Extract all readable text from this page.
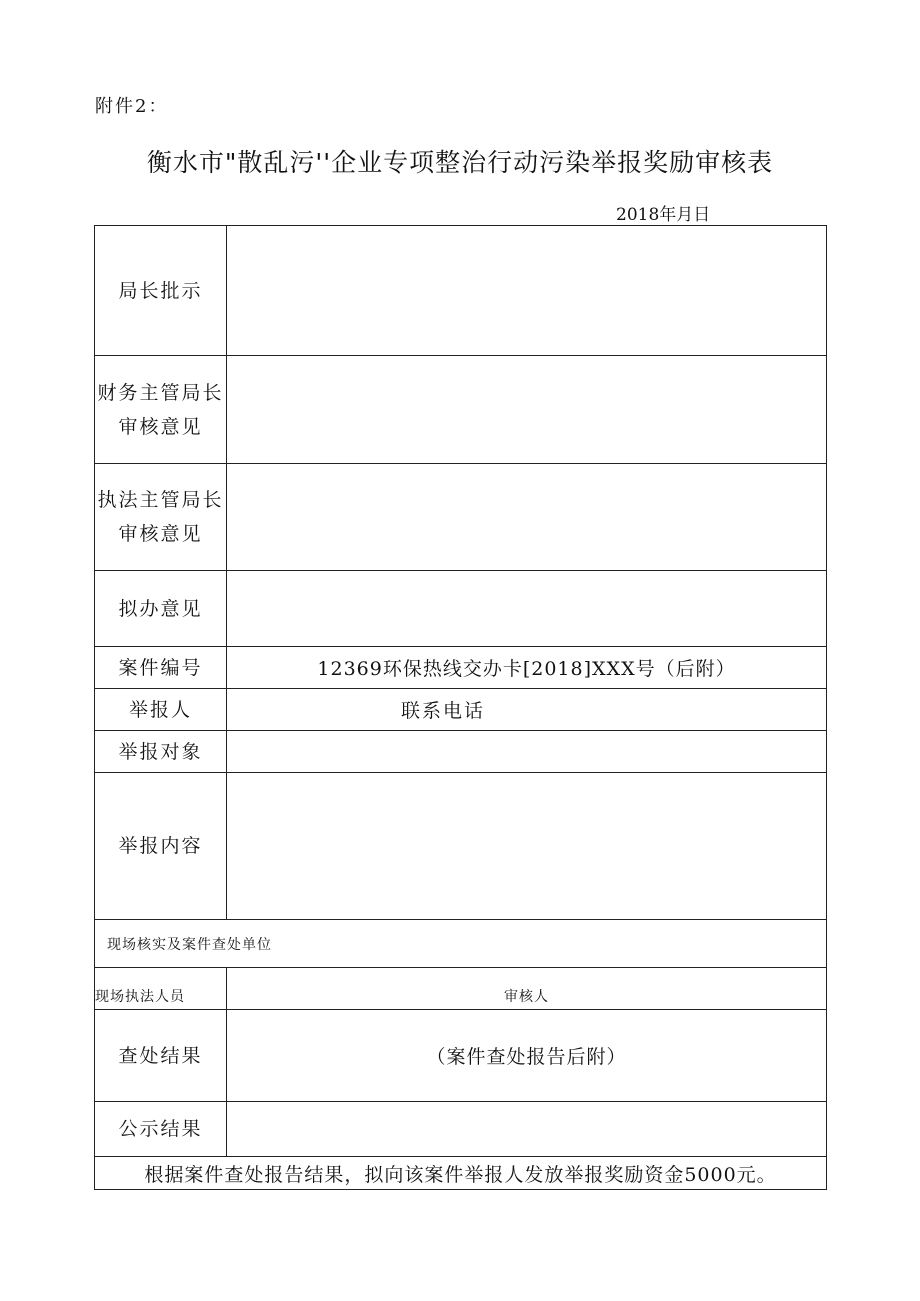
附件2：
衡水市"散乱污''企业专项整治行动污染举报奖励审核表
2018年月日
局长批示	

财务主管局长
审核意见	

执法主管局长
审核意见	

拟办意见	
案件编号	12369环保热线交办卡[2018]XXX号（后附）
举报人	联系电话
举报对象	
举报内容	
现场核实及案件查处单位	
现场执法人员	审核人
查处结果	（案件查处报告后附）
公示结果	
根据案件查处报告结果，拟向该案件举报人发放举报奖励资金5000元。	
